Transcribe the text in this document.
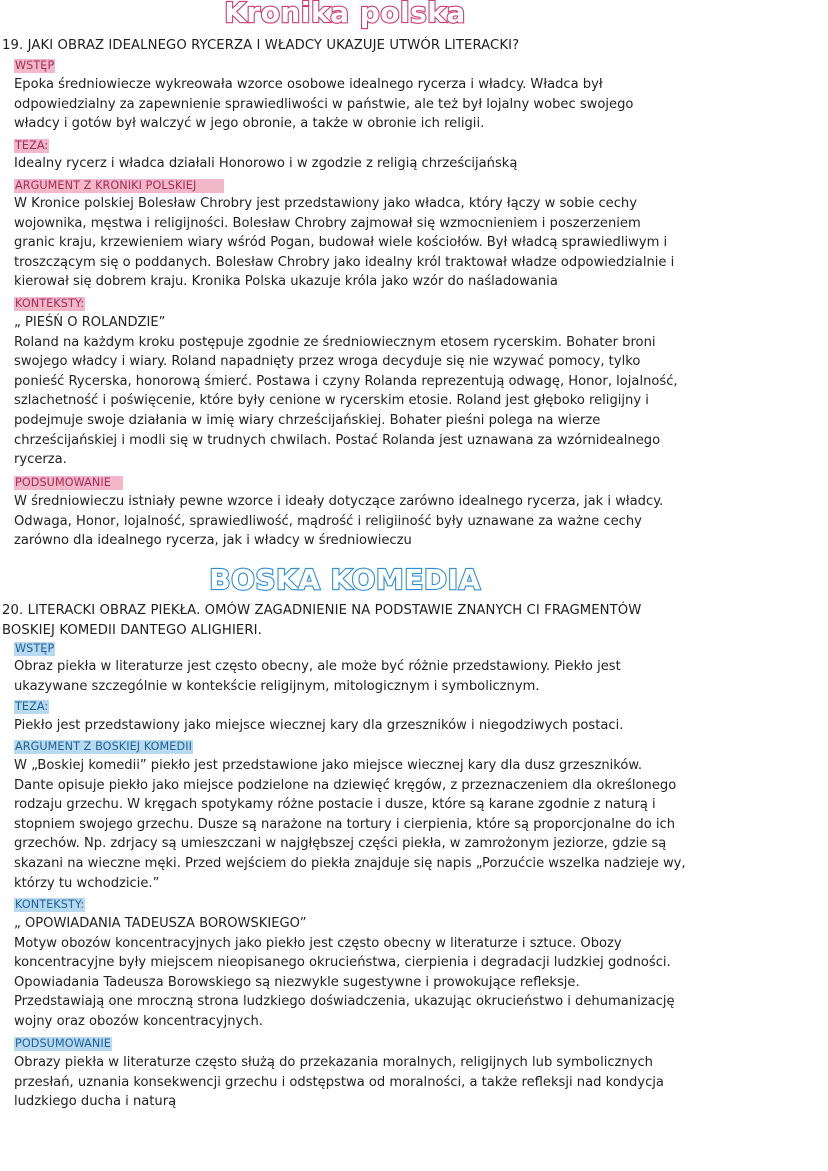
Kronika polska
19. JAKI OBRAZ IDEALNEGO RYCERZA I WŁADCY UKAZUJE UTWÓR LITERACKI?
WSTĘP
Epoka średniowiecze wykreowała wzorce osobowe idealnego rycerza i władcy. Władca był
odpowiedzialny za zapewnienie sprawiedliwości w państwie, ale też był lojalny wobec swojego
władcy i gotów był walczyć w jego obronie, a także w obronie ich religii.
TEZA:
Idealny rycerz i władca działali Honorowo i w zgodzie z religią chrześcijańską
ARGUMENT Z KRONIKI POLSKIEJ
W Kronice polskiej Bolesław Chrobry jest przedstawiony jako władca, który łączy w sobie cechy
wojownika, męstwa i religijności. Bolesław Chrobry zajmował się wzmocnieniem i poszerzeniem
granic kraju, krzewieniem wiary wśród Pogan, budował wiele kościołów. Był władcą sprawiedliwym i
troszczącym się o poddanych. Bolesław Chrobry jako idealny król traktował władze odpowiedzialnie i
kierował się dobrem kraju. Kronika Polska ukazuje króla jako wzór do naśladowania
KONTEKSTY:
„ PIEŚŃ O ROLANDZIE”
Roland na każdym kroku postępuje zgodnie ze średniowiecznym etosem rycerskim. Bohater broni
swojego władcy i wiary. Roland napadnięty przez wroga decyduje się nie wzywać pomocy, tylko
ponieść Rycerska, honorową śmierć. Postawa i czyny Rolanda reprezentują odwagę, Honor, lojalność,
szlachetność i poświęcenie, które były cenione w rycerskim etosie. Roland jest głęboko religijny i
podejmuje swoje działania w imię wiary chrześcijańskiej. Bohater pieśni polega na wierze
chrześcijańskiej i modli się w trudnych chwilach. Postać Rolanda jest uznawana za wzórnidealnego
rycerza.
PODSUMOWANIE
W średniowieczu istniały pewne wzorce i ideały dotyczące zarówno idealnego rycerza, jak i władcy.
Odwaga, Honor, lojalność, sprawiedliwość, mądrość i religiiność były uznawane za ważne cechy
zarówno dla idealnego rycerza, jak i władcy w średniowieczu
BOSKA KOMEDIA
20. LITERACKI OBRAZ PIEKŁA. OMÓW ZAGADNIENIE NA PODSTAWIE ZNANYCH CI FRAGMENTÓW
BOSKIEJ KOMEDII DANTEGO ALIGHIERI.
WSTĘP
Obraz piekła w literaturze jest często obecny, ale może być różnie przedstawiony. Piekło jest
ukazywane szczególnie w kontekście religijnym, mitologicznym i symbolicznym.
TEZA:
Piekło jest przedstawiony jako miejsce wiecznej kary dla grzeszników i niegodziwych postaci.
ARGUMENT Z BOSKIEJ KOMEDII
W „Boskiej komedii” piekło jest przedstawione jako miejsce wiecznej kary dla dusz grzeszników.
Dante opisuje piekło jako miejsce podzielone na dziewięć kręgów, z przeznaczeniem dla określonego
rodzaju grzechu. W kręgach spotykamy różne postacie i dusze, które są karane zgodnie z naturą i
stopniem swojego grzechu. Dusze są narażone na tortury i cierpienia, które są proporcjonalne do ich
grzechów. Np. zdrjacy są umieszczani w najgłębszej części piekła, w zamrożonym jeziorze, gdzie są
skazani na wieczne męki. Przed wejściem do piekła znajduje się napis „Porzućcie wszelka nadzieje wy,
którzy tu wchodzicie.”
KONTEKSTY:
„ OPOWIADANIA TADEUSZA BOROWSKIEGO”
Motyw obozów koncentracyjnych jako piekło jest często obecny w literaturze i sztuce. Obozy
koncentracyjne były miejscem nieopisanego okrucieństwa, cierpienia i degradacji ludzkiej godności.
Opowiadania Tadeusza Borowskiego są niezwykle sugestywne i prowokujące refleksje.
Przedstawiają one mroczną strona ludzkiego doświadczenia, ukazując okrucieństwo i dehumanizację
wojny oraz obozów koncentracyjnych.
PODSUMOWANIE
Obrazy piekła w literaturze często służą do przekazania moralnych, religijnych lub symbolicznych
przesłań, uznania konsekwencji grzechu i odstępstwa od moralności, a także refleksji nad kondycja
ludzkiego ducha i naturą
